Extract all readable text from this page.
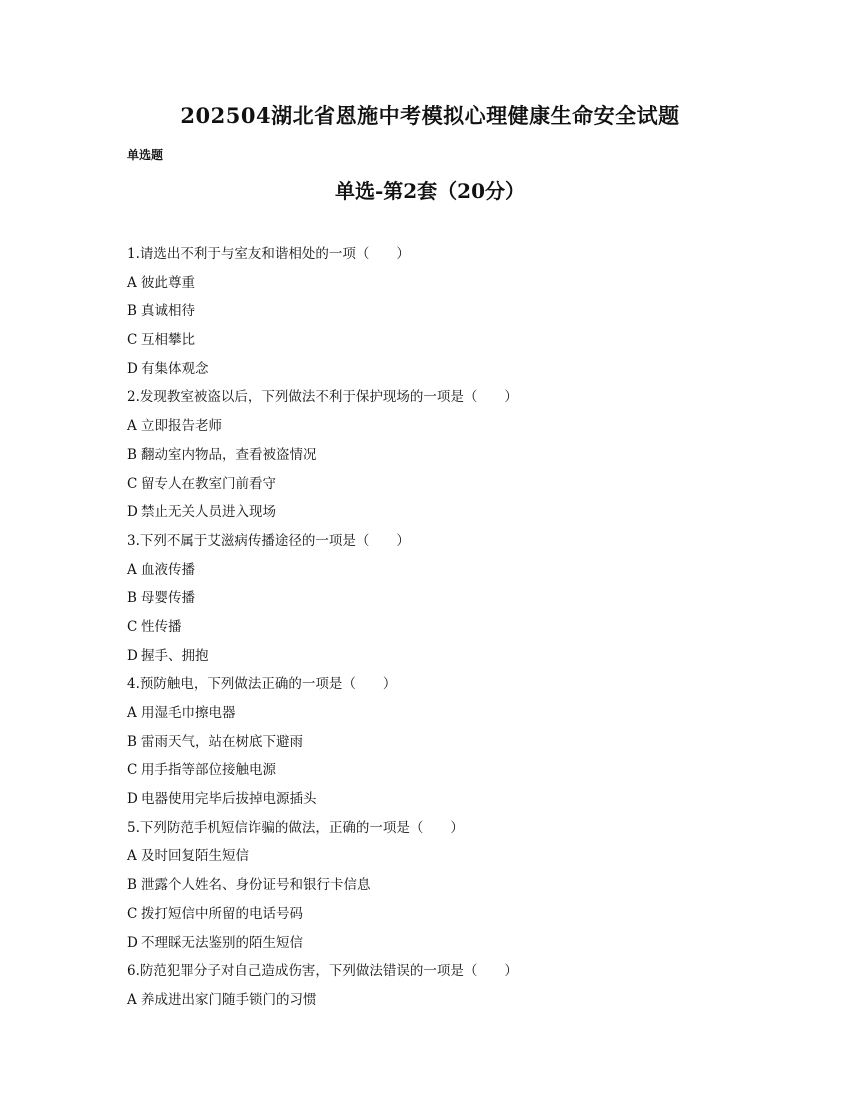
202504湖北省恩施中考模拟心理健康生命安全试题
单选题
单选-第2套（20分）
1.请选出不利于与室友和谐相处的一项（　　）
A 彼此尊重
B 真诚相待
C 互相攀比
D 有集体观念
2.发现教室被盗以后，下列做法不利于保护现场的一项是（　　）
A 立即报告老师
B 翻动室内物品，查看被盗情况
C 留专人在教室门前看守
D 禁止无关人员进入现场
3.下列不属于艾滋病传播途径的一项是（　　）
A 血液传播
B 母婴传播
C 性传播
D 握手、拥抱
4.预防触电，下列做法正确的一项是（　　）
A 用湿毛巾擦电器
B 雷雨天气，站在树底下避雨
C 用手指等部位接触电源
D 电器使用完毕后拔掉电源插头
5.下列防范手机短信诈骗的做法，正确的一项是（　　）
A 及时回复陌生短信
B 泄露个人姓名、身份证号和银行卡信息
C 拨打短信中所留的电话号码
D 不理睬无法鉴别的陌生短信
6.防范犯罪分子对自己造成伤害，下列做法错误的一项是（　　）
A 养成进出家门随手锁门的习惯
